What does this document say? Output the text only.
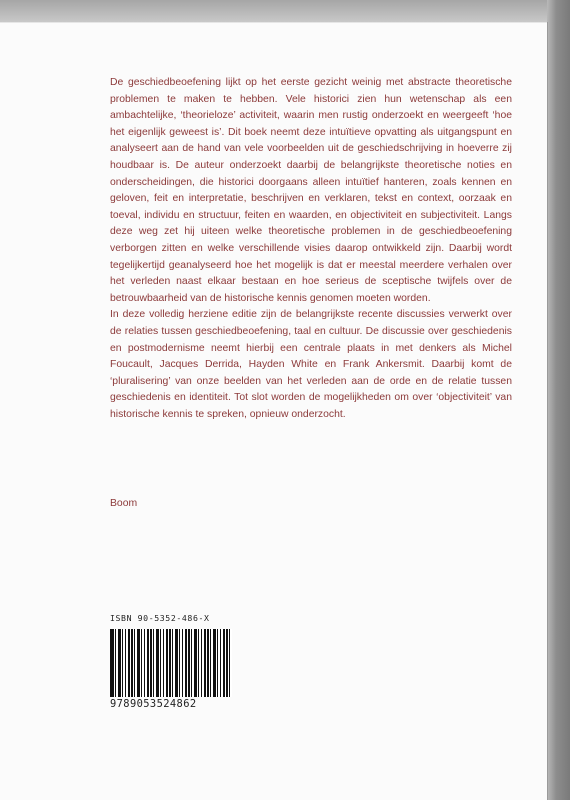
De geschiedbeoefening lijkt op het eerste gezicht weinig met abstracte theoretische problemen te maken te hebben. Vele historici zien hun wetenschap als een ambachtelijke, ‘theorieloze’ activiteit, waarin men rustig onderzoekt en weergeeft ‘hoe het eigenlijk geweest is’. Dit boek neemt deze intuïtieve opvatting als uitgangspunt en analyseert aan de hand van vele voorbeelden uit de geschiedschrijving in hoeverre zij houdbaar is. De auteur onderzoekt daarbij de belangrijkste theoretische noties en onderscheidingen, die historici doorgaans alleen intuïtief hanteren, zoals kennen en geloven, feit en interpretatie, beschrijven en verklaren, tekst en context, oorzaak en toeval, individu en structuur, feiten en waarden, en objectiviteit en subjectiviteit. Langs deze weg zet hij uiteen welke theoretische problemen in de geschiedbeoefening verborgen zitten en welke verschillende visies daarop ontwikkeld zijn. Daarbij wordt tegelijkertijd geanalyseerd hoe het mogelijk is dat er meestal meerdere verhalen over het verleden naast elkaar bestaan en hoe serieus de sceptische twijfels over de betrouwbaarheid van de historische kennis genomen moeten worden.

In deze volledig herziene editie zijn de belangrijkste recente discussies verwerkt over de relaties tussen geschiedbeoefening, taal en cultuur. De discussie over geschiedenis en postmodernisme neemt hierbij een centrale plaats in met denkers als Michel Foucault, Jacques Derrida, Hayden White en Frank Ankersmit. Daarbij komt de ‘pluralisering’ van onze beelden van het verleden aan de orde en de relatie tussen geschiedenis en identiteit. Tot slot worden de mogelijkheden om over ‘objectiviteit’ van historische kennis te spreken, opnieuw onderzocht.

Boom
ISBN 90-5352-486-X
9789053524862
